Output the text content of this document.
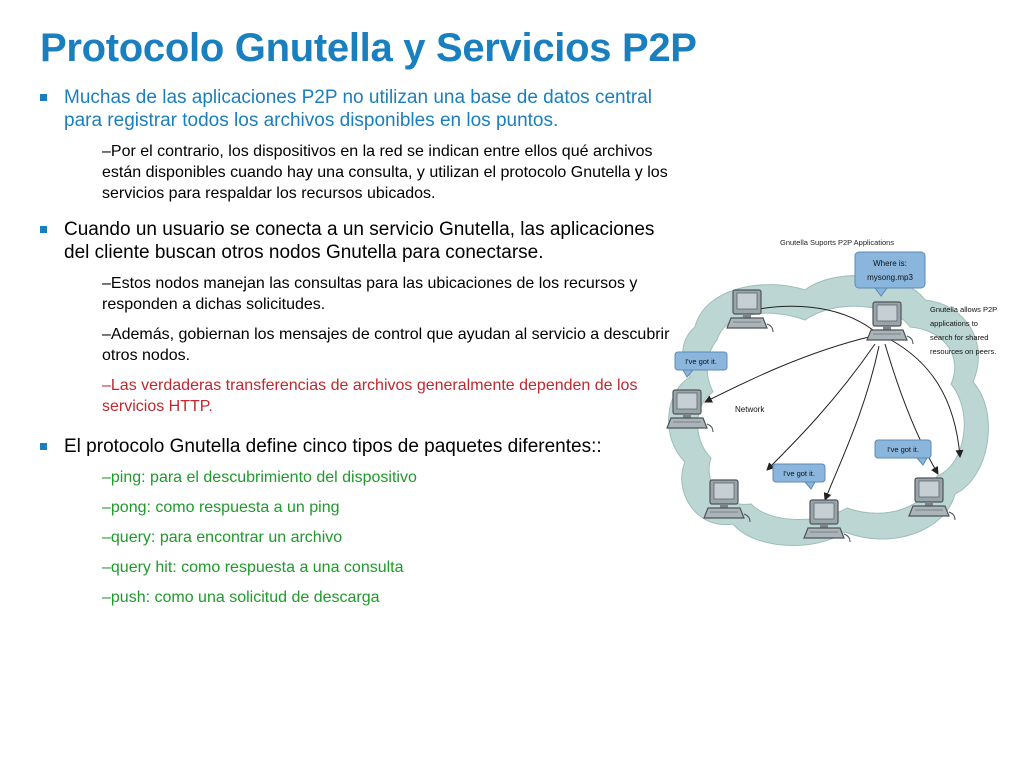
Protocolo Gnutella y Servicios P2P
Muchas de las aplicaciones P2P no utilizan una base de datos central para registrar todos los archivos disponibles en los puntos.
–Por el contrario, los dispositivos en la red se indican entre ellos qué archivos están disponibles cuando hay una consulta, y utilizan el protocolo Gnutella y los servicios para respaldar los recursos ubicados.
Cuando un usuario se conecta a un servicio Gnutella, las aplicaciones del cliente buscan otros nodos Gnutella para conectarse.
–Estos nodos manejan las consultas para las ubicaciones de los recursos y responden a dichas solicitudes.
–Además, gobiernan los mensajes de control que ayudan al servicio a descubrir otros nodos.
–Las verdaderas transferencias de archivos generalmente dependen de los servicios HTTP.
El protocolo Gnutella define cinco tipos de paquetes diferentes::
–ping: para el descubrimiento del dispositivo
–pong: como respuesta a un ping
–query: para encontrar un archivo
–query hit: como respuesta a una consulta
–push: como una solicitud de descarga
Gnutella Suports P2P Applications
Network
Where is:
mysong.mp3
I've got it.
I've got it.
I've got it.
Gnutella allows P2P
applications to
search for shared
resources on peers.
